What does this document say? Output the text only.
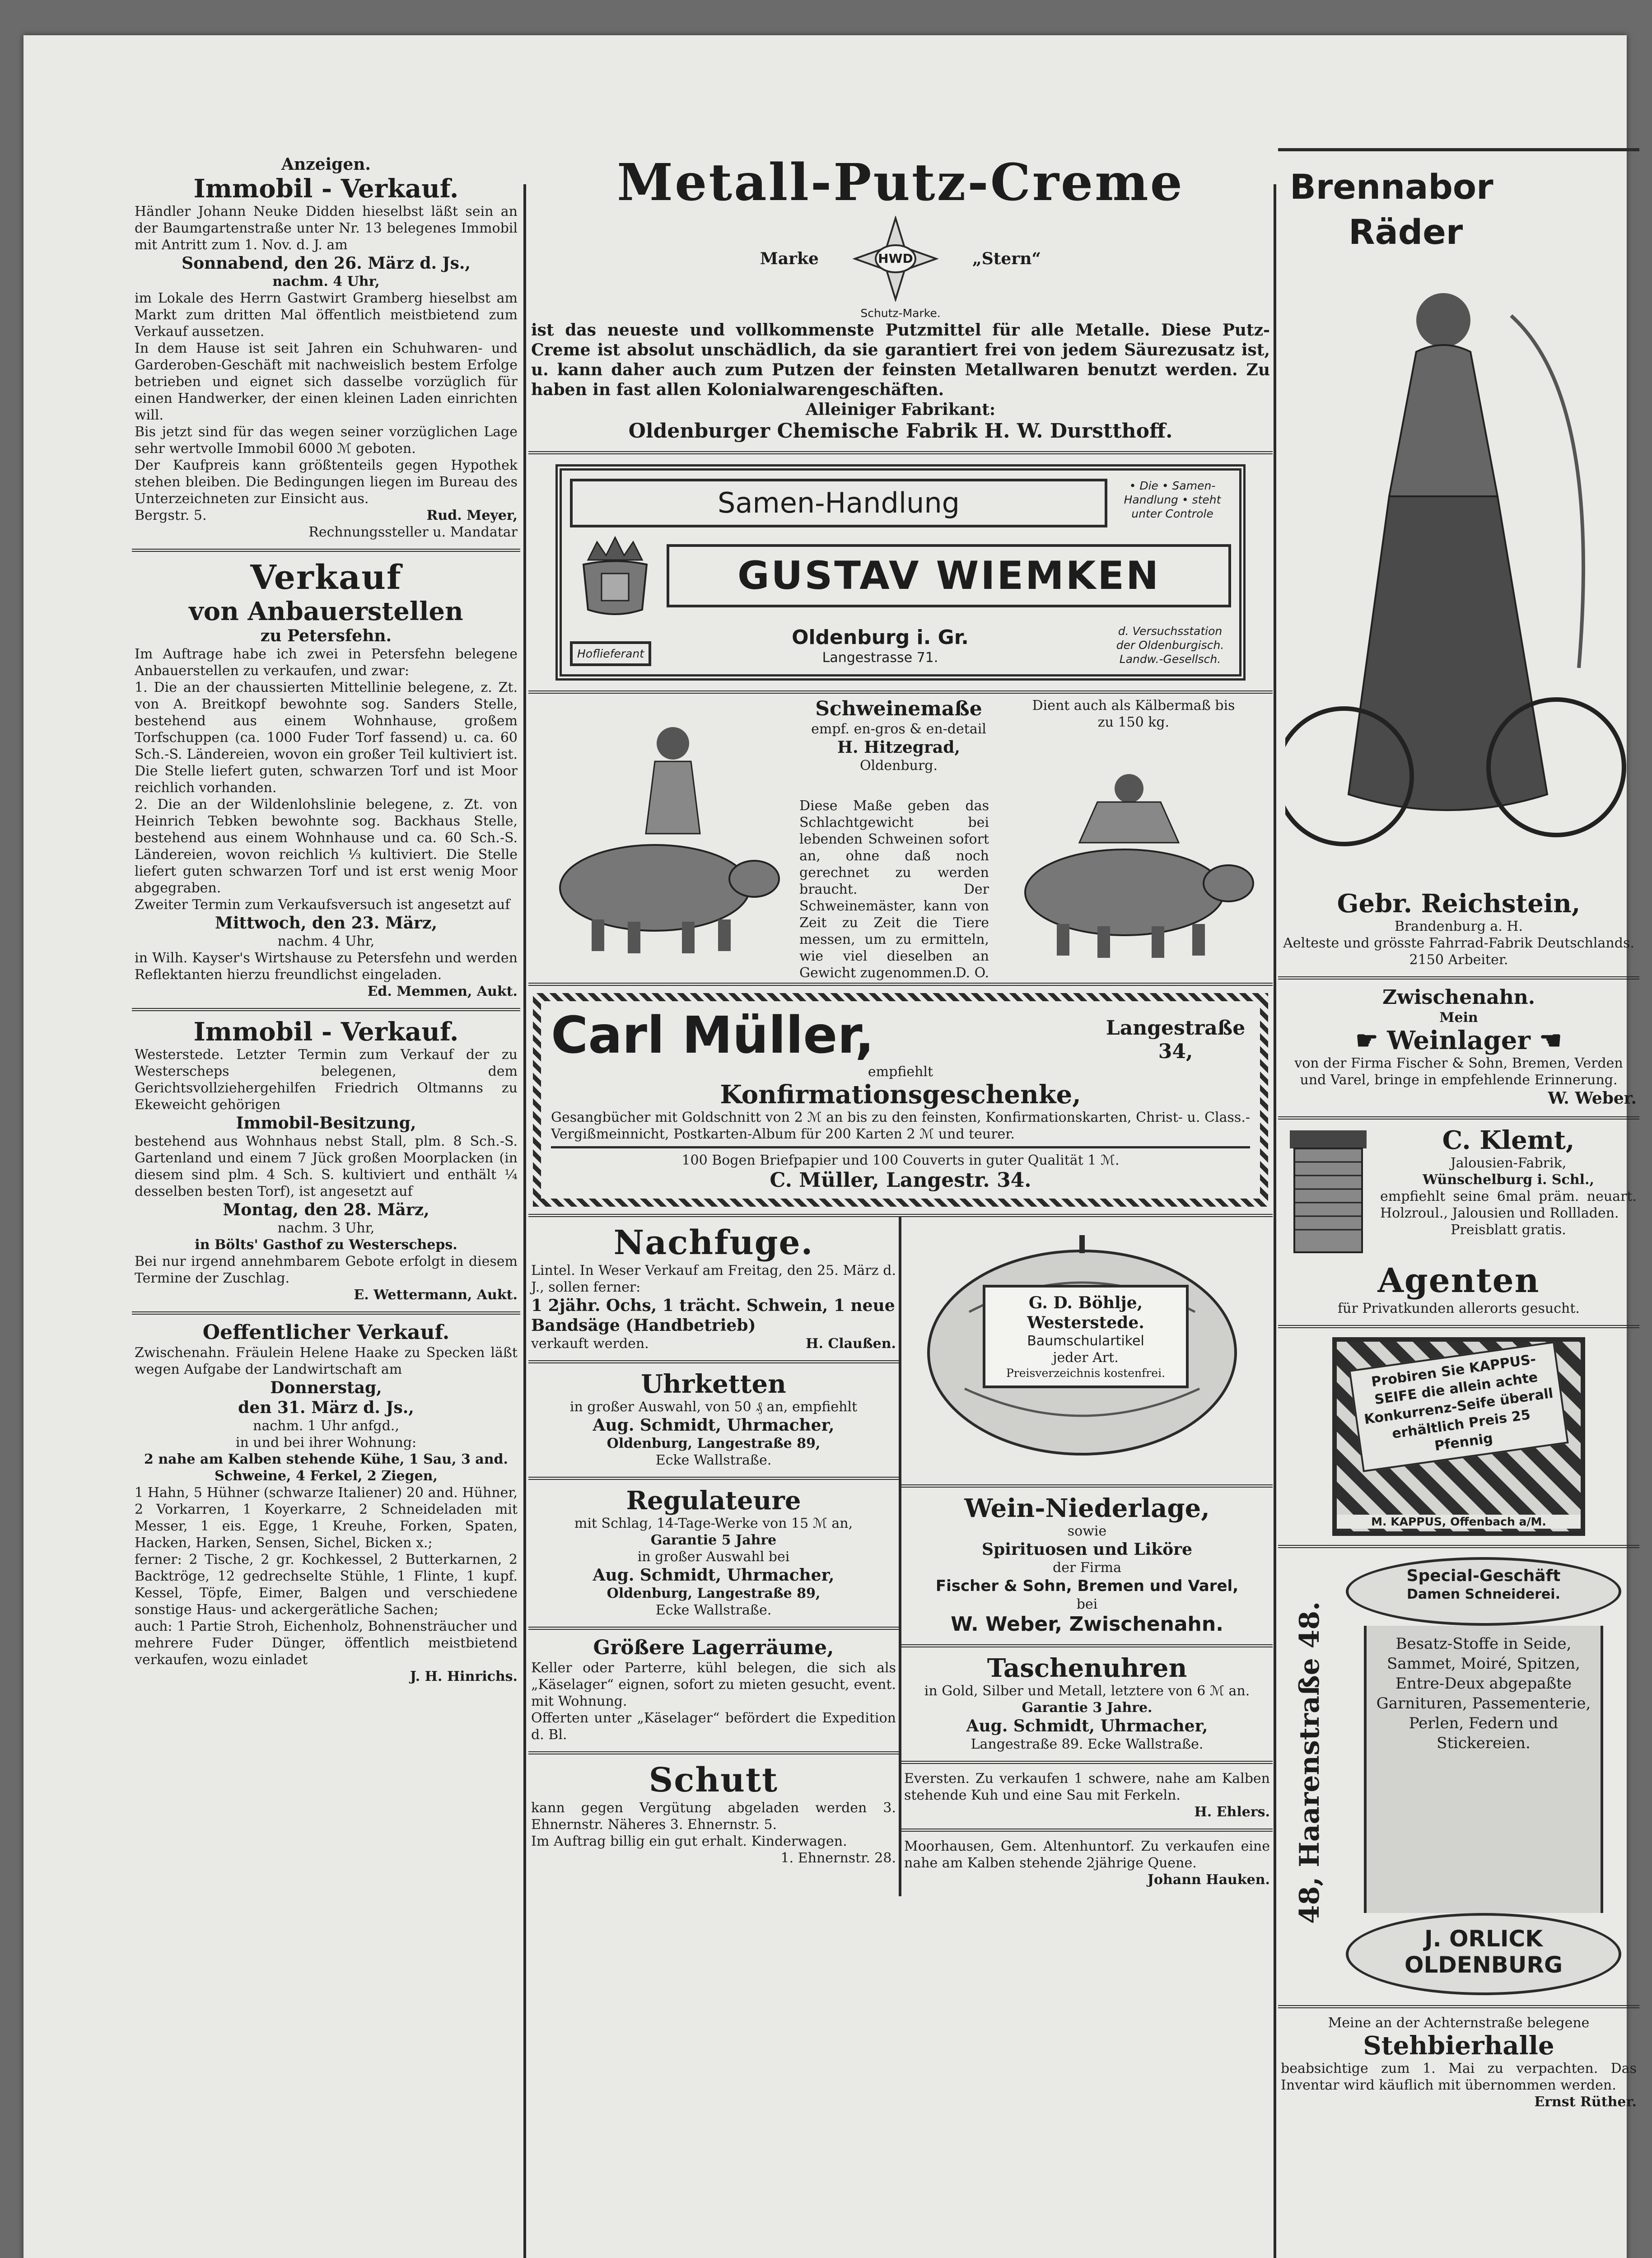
Anzeigen.
Immobil - Verkauf.
Händler Johann Neuke Didden hieselbst läßt sein an der Baumgartenstraße unter Nr. 13 belegenes Immobil mit Antritt zum 1. Nov. d. J. am
Sonnabend, den 26. März d. Js.,
nachm. 4 Uhr,
im Lokale des Herrn Gastwirt Gramberg hieselbst am Markt zum dritten Mal öffentlich meistbietend zum Verkauf aussetzen.
In dem Hause ist seit Jahren ein Schuhwaren- und Garderoben-Geschäft mit nachweislich bestem Erfolge betrieben und eignet sich dasselbe vorzüglich für einen Handwerker, der einen kleinen Laden einrichten will.
Bis jetzt sind für das wegen seiner vorzüglichen Lage sehr wertvolle Immobil 6000 ℳ geboten.
Der Kaufpreis kann größtenteils gegen Hypothek stehen bleiben. Die Bedingungen liegen im Bureau des Unterzeichneten zur Einsicht aus.
Bergstr. 5.	Rud. Meyer,
Rechnungssteller u. Mandatar
Verkauf
von Anbauerstellen
zu Petersfehn.
Im Auftrage habe ich zwei in Petersfehn belegene Anbauerstellen zu verkaufen, und zwar:
1. Die an der chaussierten Mittellinie belegene, z. Zt. von A. Breitkopf bewohnte sog. Sanders Stelle, bestehend aus einem Wohnhause, großem Torfschuppen (ca. 1000 Fuder Torf fassend) u. ca. 60 Sch.-S. Ländereien, wovon ein großer Teil kultiviert ist. Die Stelle liefert guten, schwarzen Torf und ist Moor reichlich vorhanden.
2. Die an der Wildenlohslinie belegene, z. Zt. von Heinrich Tebken bewohnte sog. Backhaus Stelle, bestehend aus einem Wohnhause und ca. 60 Sch.-S. Ländereien, wovon reichlich ⅓ kultiviert. Die Stelle liefert guten schwarzen Torf und ist erst wenig Moor abgegraben.
Zweiter Termin zum Verkaufsversuch ist angesetzt auf
Mittwoch, den 23. März,
nachm. 4 Uhr,
in Wilh. Kayser's Wirtshause zu Petersfehn und werden Reflektanten hierzu freundlichst eingeladen.
Ed. Memmen, Aukt.
Immobil - Verkauf.
Westerstede. Letzter Termin zum Verkauf der zu Westerscheps belegenen, dem Gerichtsvollziehergehilfen Friedrich Oltmanns zu Ekeweicht gehörigen
Immobil-Besitzung,
bestehend aus Wohnhaus nebst Stall, plm. 8 Sch.-S. Gartenland und einem 7 Jück großen Moorplacken (in diesem sind plm. 4 Sch. S. kultiviert und enthält ¼ desselben besten Torf), ist angesetzt auf
Montag, den 28. März,
nachm. 3 Uhr,
in Bölts' Gasthof zu Westerscheps.
Bei nur irgend annehmbarem Gebote erfolgt in diesem Termine der Zuschlag.
E. Wettermann, Aukt.
Oeffentlicher Verkauf.
Zwischenahn. Fräulein Helene Haake zu Specken läßt wegen Aufgabe der Landwirtschaft am
Donnerstag,
den 31. März d. Js.,
nachm. 1 Uhr anfgd.,
in und bei ihrer Wohnung:
2 nahe am Kalben stehende Kühe, 1 Sau, 3 and. Schweine, 4 Ferkel, 2 Ziegen,
1 Hahn, 5 Hühner (schwarze Italiener) 20 and. Hühner, 2 Vorkarren, 1 Koyerkarre, 2 Schneideladen mit Messer, 1 eis. Egge, 1 Kreuhe, Forken, Spaten, Hacken, Harken, Sensen, Sichel, Bicken x.;
ferner: 2 Tische, 2 gr. Kochkessel, 2 Butterkarnen, 2 Backtröge, 12 gedrechselte Stühle, 1 Flinte, 1 kupf. Kessel, Töpfe, Eimer, Balgen und verschiedene sonstige Haus- und ackergerätliche Sachen;
auch: 1 Partie Stroh, Eichenholz, Bohnensträucher und mehrere Fuder Dünger, öffentlich meistbietend verkaufen, wozu einladet
J. H. Hinrichs.
Metall-Putz-Creme
Marke	HWD	„Stern“
Schutz-Marke.
ist das neueste und vollkommenste Putzmittel für alle Metalle. Diese Putz-Creme ist absolut unschädlich, da sie garantiert frei von jedem Säurezusatz ist, u. kann daher auch zum Putzen der feinsten Metallwaren benutzt werden. Zu haben in fast allen Kolonialwarengeschäften.
Alleiniger Fabrikant:
Oldenburger Chemische Fabrik H. W. Durstthoff.
Samen-Handlung
• Die • Samen-Handlung • steht unter Controle
GUSTAV WIEMKEN
Hoflieferant
Oldenburg i. Gr.
Langestrasse 71.
d. Versuchsstation der Oldenburgisch. Landw.-Gesellsch.
Schweinemaße
empf. en-gros & en-detail
H. Hitzegrad,
Oldenburg.
Dient auch als Kälbermaß bis zu 150 kg.
Diese Maße geben das Schlachtgewicht bei lebenden Schweinen sofort an, ohne daß noch gerechnet zu werden braucht. Der Schweinemäster, kann von Zeit zu Zeit die Tiere messen, um zu ermitteln, wie viel dieselben an Gewicht zugenommen.
D. O.
Carl Müller,	Langestraße 34,
empfiehlt
Konfirmationsgeschenke,
Gesangbücher mit Goldschnitt von 2 ℳ an bis zu den feinsten, Konfirmationskarten, Christ- u. Class.-Vergißmeinnicht, Postkarten-Album für 200 Karten 2 ℳ und teurer.
100 Bogen Briefpapier und 100 Couverts in guter Qualität 1 ℳ.
C. Müller, Langestr. 34.
Nachfuge.
Lintel. In Weser Verkauf am Freitag, den 25. März d. J., sollen ferner:
1 2jähr. Ochs, 1 trächt. Schwein, 1 neue Bandsäge (Handbetrieb)
verkauft werden.	H. Claußen.
Uhrketten
in großer Auswahl, von 50 ₰ an, empfiehlt
Aug. Schmidt, Uhrmacher,
Oldenburg, Langestraße 89,
Ecke Wallstraße.
Regulateure
mit Schlag, 14-Tage-Werke von 15 ℳ an,
Garantie 5 Jahre
in großer Auswahl bei
Aug. Schmidt, Uhrmacher,
Oldenburg, Langestraße 89,
Ecke Wallstraße.
Größere Lagerräume,
Keller oder Parterre, kühl belegen, die sich als „Käselager“ eignen, sofort zu mieten gesucht, event. mit Wohnung.
Offerten unter „Käselager“ befördert die Expedition d. Bl.
Schutt
kann gegen Vergütung abgeladen werden 3. Ehnernstr. Näheres 3. Ehnernstr. 5.
Im Auftrag billig ein gut erhalt. Kinderwagen.
1. Ehnernstr. 28.
G. D. Böhlje,
Westerstede.
Baumschulartikel
jeder Art.
Preisverzeichnis kostenfrei.
Wein-Niederlage,
sowie
Spirituosen und Liköre
der Firma
Fischer & Sohn, Bremen und Varel,
bei
W. Weber, Zwischenahn.
Taschenuhren
in Gold, Silber und Metall, letztere von 6 ℳ an.
Garantie 3 Jahre.
Aug. Schmidt, Uhrmacher,
Langestraße 89. Ecke Wallstraße.
Eversten. Zu verkaufen 1 schwere, nahe am Kalben stehende Kuh und eine Sau mit Ferkeln.
H. Ehlers.
Moorhausen, Gem. Altenhuntorf. Zu verkaufen eine nahe am Kalben stehende 2jährige Quene.
Johann Hauken.
Brennabor
Räder
Gebr. Reichstein,
Brandenburg a. H.
Aelteste und grösste Fahrrad-Fabrik Deutschlands. 2150 Arbeiter.
Zwischenahn.
Mein
☛ Weinlager ☚
von der Firma Fischer & Sohn, Bremen, Verden und Varel, bringe in empfehlende Erinnerung.
W. Weber.
C. Klemt,
Jalousien-Fabrik,
Wünschelburg i. Schl.,
empfiehlt seine 6mal präm. neuart. Holzroul., Jalousien und Rollladen.
Preisblatt gratis.
Agenten
für Privatkunden allerorts gesucht.
Probiren Sie KAPPUS-SEIFE die allein achte Konkurrenz-Seife überall erhältlich Preis 25 Pfennig
M. KAPPUS, Offenbach a/M.
48, Haarenstraße 48.
Special-Geschäft
Damen Schneiderei.
Besatz-Stoffe in Seide, Sammet, Moiré, Spitzen, Entre-Deux abgepaßte Garnituren, Passementerie, Perlen, Federn und Stickereien.
J. ORLICK
OLDENBURG
Meine an der Achternstraße belegene
Stehbierhalle
beabsichtige zum 1. Mai zu verpachten. Das Inventar wird käuflich mit übernommen werden.
Ernst Rüther.
